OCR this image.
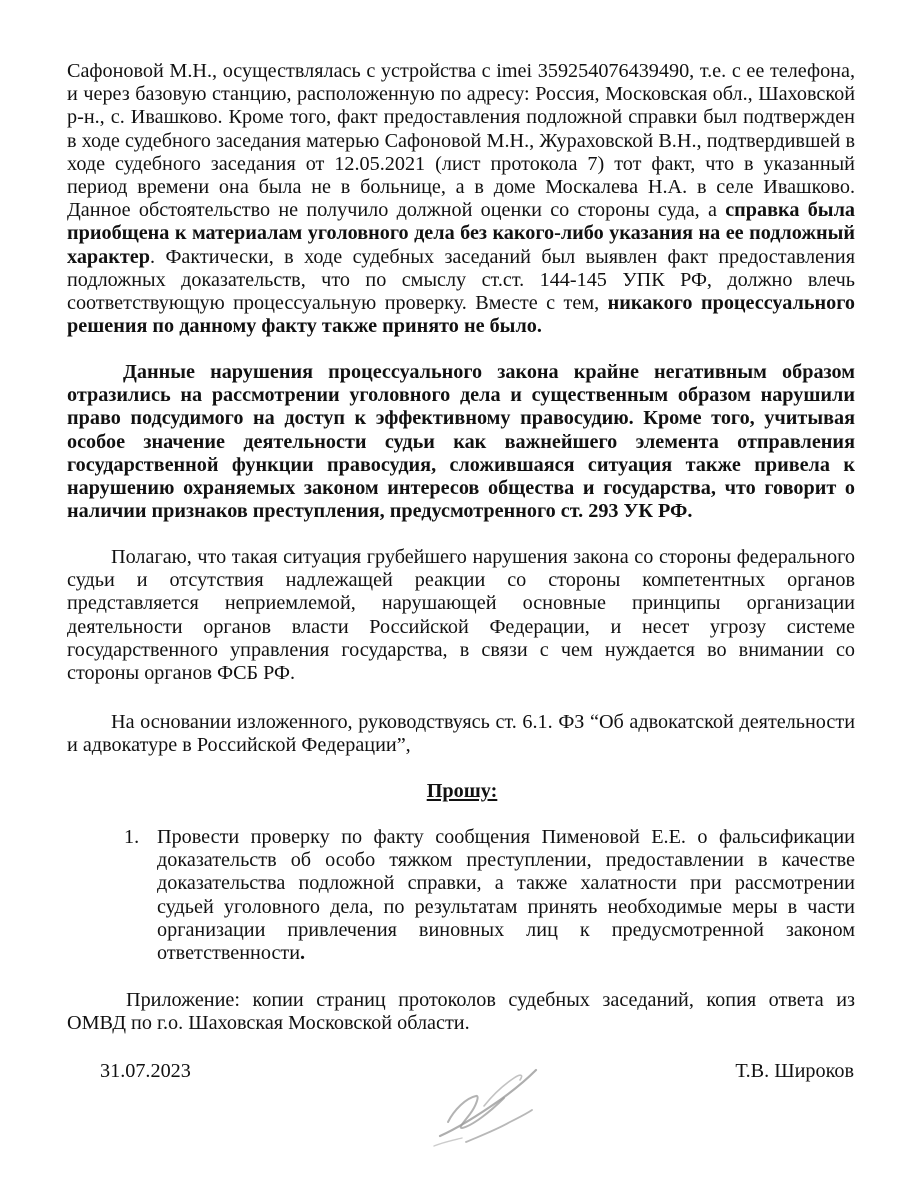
Сафоновой М.Н., осуществлялась с устройства с imei 359254076439490, т.е. с ее телефона, и через базовую станцию, расположенную по адресу: Россия, Московская обл., Шаховской р-н., с. Ивашково. Кроме того, факт предоставления подложной справки был подтвержден в ходе судебного заседания матерью Сафоновой М.Н., Жураховской В.Н., подтвердившей в ходе судебного заседания от 12.05.2021 (лист протокола 7) тот факт, что в указанный период времени она была не в больнице, а в доме Москалева Н.А. в селе Ивашково. Данное обстоятельство не получило должной оценки со стороны суда, а справка была приобщена к материалам уголовного дела без какого-либо указания на ее подложный характер. Фактически, в ходе судебных заседаний был выявлен факт предоставления подложных доказательств, что по смыслу ст.ст. 144-145 УПК РФ, должно влечь соответствующую процессуальную проверку. Вместе с тем, никакого процессуального решения по данному факту также принято не было.

Данные нарушения процессуального закона крайне негативным образом отразились на рассмотрении уголовного дела и существенным образом нарушили право подсудимого на доступ к эффективному правосудию. Кроме того, учитывая особое значение деятельности судьи как важнейшего элемента отправления государственной функции правосудия, сложившаяся ситуация также привела к нарушению охраняемых законом интересов общества и государства, что говорит о наличии признаков преступления, предусмотренного ст. 293 УК РФ.

Полагаю, что такая ситуация грубейшего нарушения закона со стороны федерального судьи и отсутствия надлежащей реакции со стороны компетентных органов представляется неприемлемой, нарушающей основные принципы организации деятельности органов власти Российской Федерации, и несет угрозу системе государственного управления государства, в связи с чем нуждается во внимании со стороны органов ФСБ РФ.

На основании изложенного, руководствуясь ст. 6.1. ФЗ “Об адвокатской деятельности и адвокатуре в Российской Федерации”,

Прошу:

1. Провести проверку по факту сообщения Пименовой Е.Е. о фальсификации доказательств об особо тяжком преступлении, предоставлении в качестве доказательства подложной справки, а также халатности при рассмотрении судьей уголовного дела, по результатам принять необходимые меры в части организации привлечения виновных лиц к предусмотренной законом ответственности.

Приложение: копии страниц протоколов судебных заседаний, копия ответа из ОМВД по г.о. Шаховская Московской области.

31.07.2023	Т.В. Широков
